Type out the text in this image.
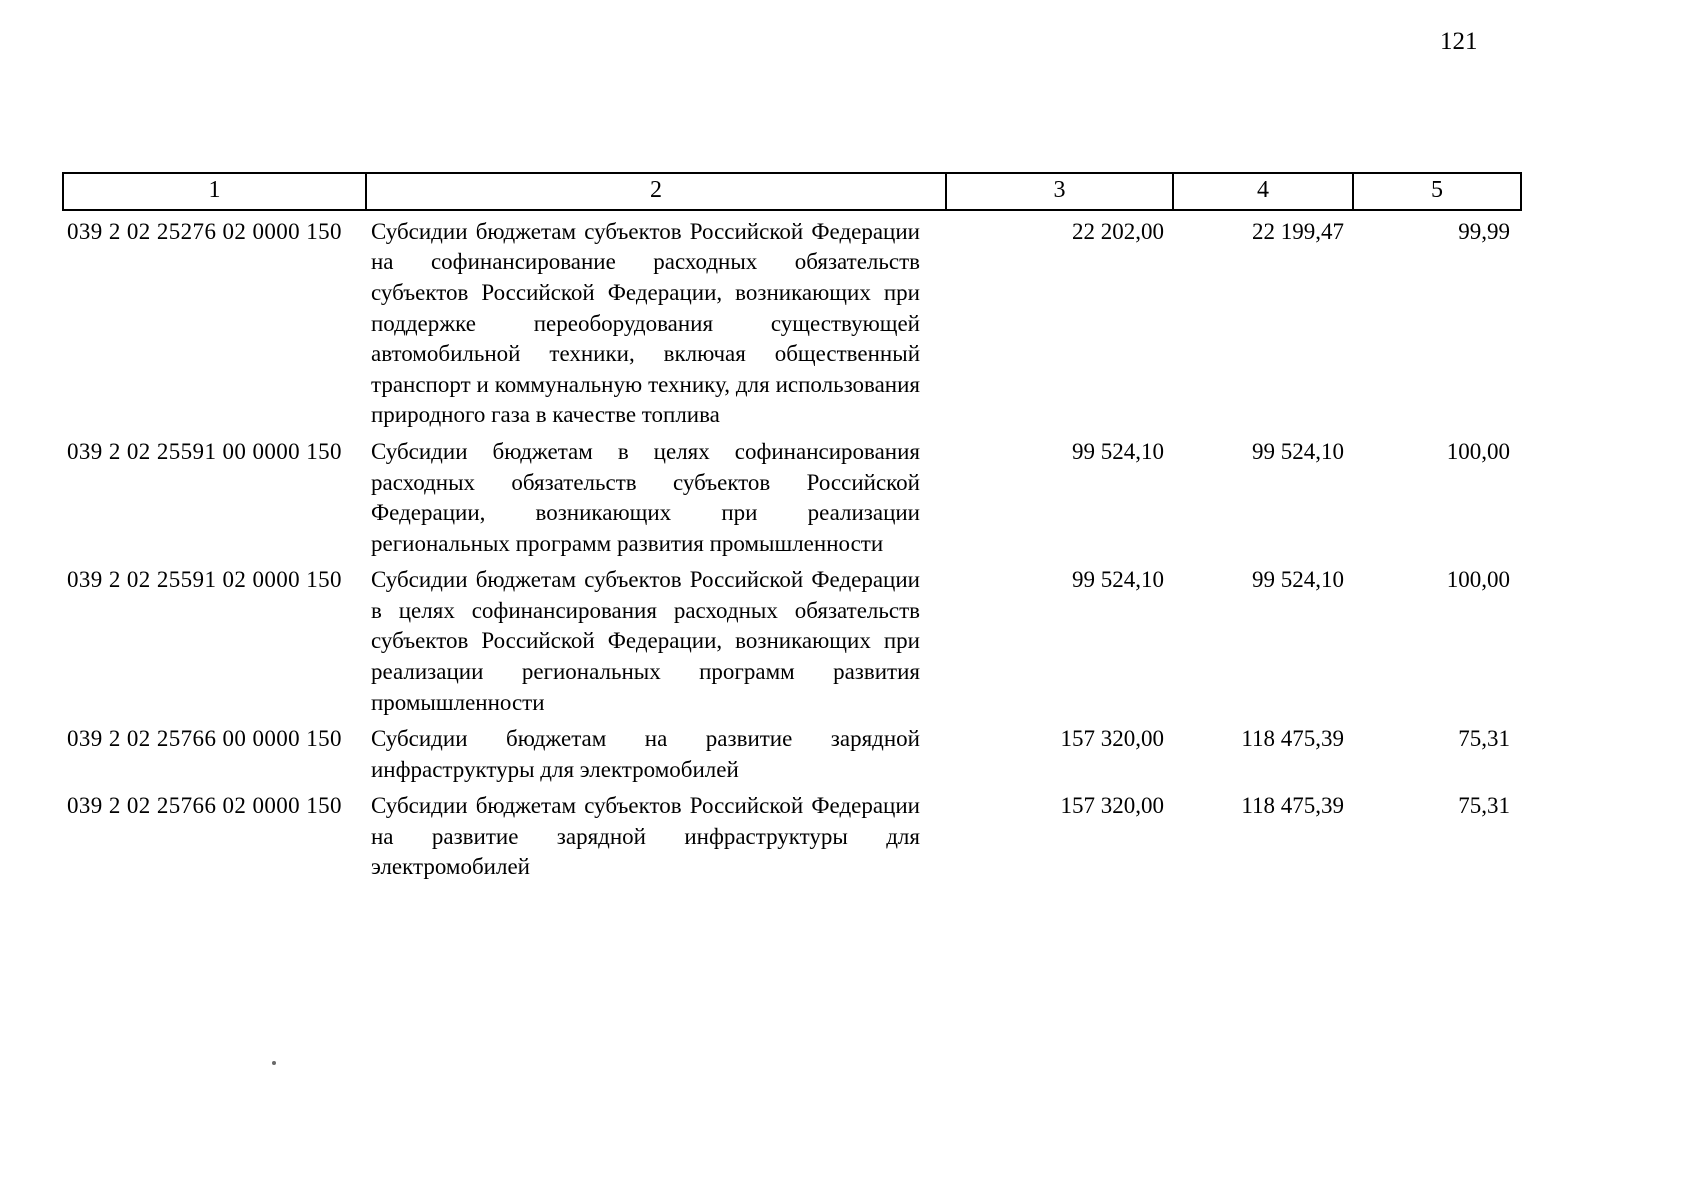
121
1	2	3	4	5
039 2 02 25276 02 0000 150	Субсидии бюджетам субъектов Российской Федерации на софинансирование расходных обязательств субъектов Российской Федерации, возникающих при поддержке переоборудования существующей автомобильной техники, включая общественный транспорт и коммунальную технику, для использования природного газа в качестве топлива	22 202,00	22 199,47	99,99
039 2 02 25591 00 0000 150	Субсидии бюджетам в целях софинансирования расходных обязательств субъектов Российской Федерации, возникающих при реализации региональных программ развития промышленности	99 524,10	99 524,10	100,00
039 2 02 25591 02 0000 150	Субсидии бюджетам субъектов Российской Федерации в целях софинансирования расходных обязательств субъектов Российской Федерации, возникающих при реализации региональных программ развития промышленности	99 524,10	99 524,10	100,00
039 2 02 25766 00 0000 150	Субсидии бюджетам на развитие зарядной инфраструктуры для электромобилей	157 320,00	118 475,39	75,31
039 2 02 25766 02 0000 150	Субсидии бюджетам субъектов Российской Федерации на развитие зарядной инфраструктуры для электромобилей	157 320,00	118 475,39	75,31
